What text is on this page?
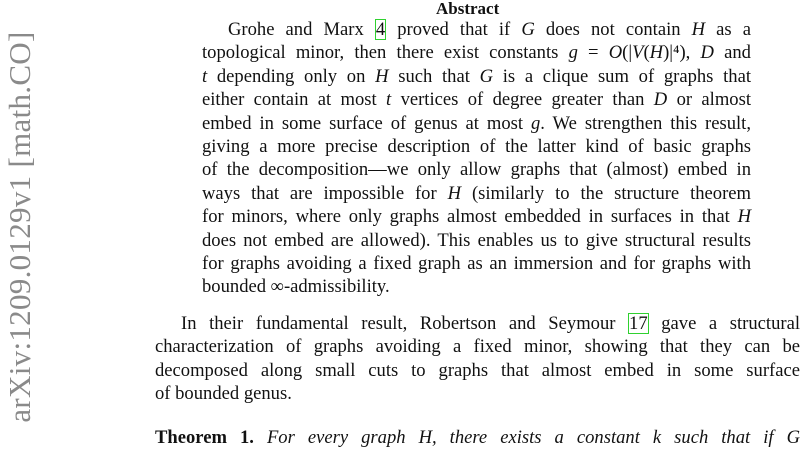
arXiv:1209.0129v1 [math.CO]
Abstract
Grohe and Marx 4 proved that if G does not contain H as a
topological minor, then there exist constants g = O(|V(H)|⁴), D and
t depending only on H such that G is a clique sum of graphs that
either contain at most t vertices of degree greater than D or almost
embed in some surface of genus at most g. We strengthen this result,
giving a more precise description of the latter kind of basic graphs
of the decomposition—we only allow graphs that (almost) embed in
ways that are impossible for H (similarly to the structure theorem
for minors, where only graphs almost embedded in surfaces in that H
does not embed are allowed). This enables us to give structural results
for graphs avoiding a fixed graph as an immersion and for graphs with
bounded ∞-admissibility.
In their fundamental result, Robertson and Seymour 17 gave a structural
characterization of graphs avoiding a fixed minor, showing that they can be
decomposed along small cuts to graphs that almost embed in some surface
of bounded genus.
Theorem 1. For every graph H, there exists a constant k such that if G
